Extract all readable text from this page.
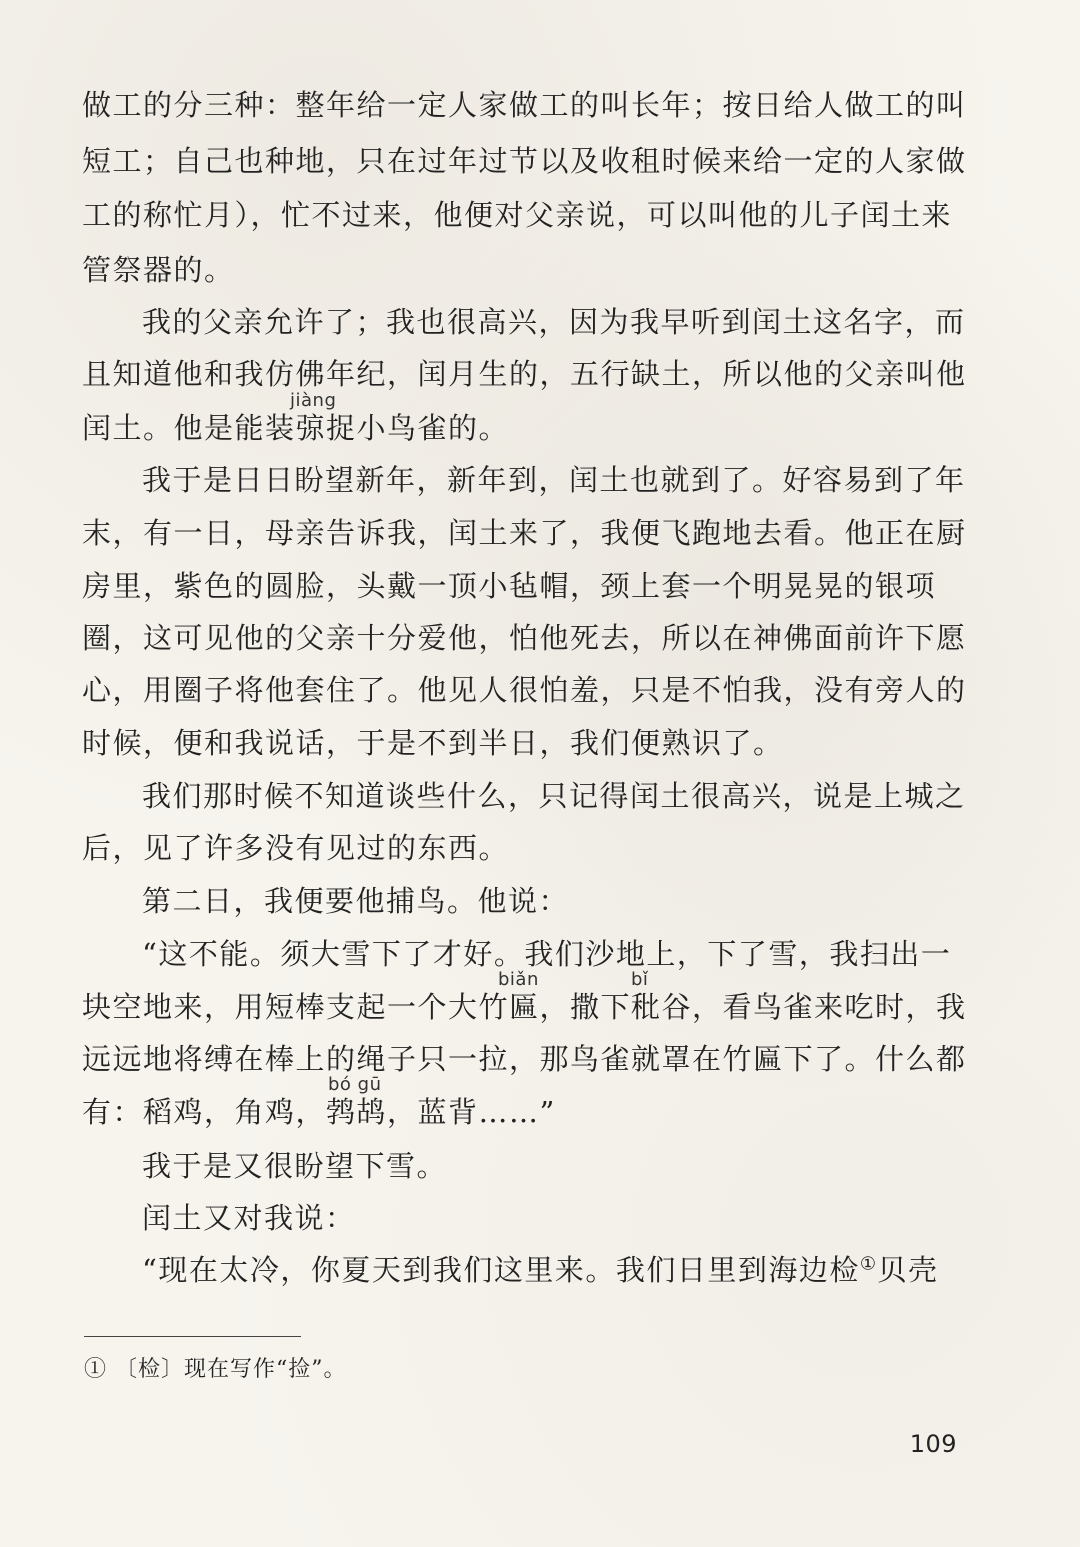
做工的分三种：整年给一定人家做工的叫长年；按日给人做工的叫
短工；自己也种地，只在过年过节以及收租时候来给一定的人家做
工的称忙月），忙不过来，他便对父亲说，可以叫他的儿子闰土来
管祭器的。
我的父亲允许了；我也很高兴，因为我早听到闰土这名字，而
且知道他和我仿佛年纪，闰月生的，五行缺土，所以他的父亲叫他
jiàng
闰土。他是能装弶捉小鸟雀的。
我于是日日盼望新年，新年到，闰土也就到了。好容易到了年
末，有一日，母亲告诉我，闰土来了，我便飞跑地去看。他正在厨
房里，紫色的圆脸，头戴一顶小毡帽，颈上套一个明晃晃的银项
圈，这可见他的父亲十分爱他，怕他死去，所以在神佛面前许下愿
心，用圈子将他套住了。他见人很怕羞，只是不怕我，没有旁人的
时候，便和我说话，于是不到半日，我们便熟识了。
我们那时候不知道谈些什么，只记得闰土很高兴，说是上城之
后，见了许多没有见过的东西。
第二日，我便要他捕鸟。他说：
“这不能。须大雪下了才好。我们沙地上，下了雪，我扫出一
biǎn	bǐ
块空地来，用短棒支起一个大竹匾，撒下秕谷，看鸟雀来吃时，我
远远地将缚在棒上的绳子只一拉，那鸟雀就罩在竹匾下了。什么都
bó gū
有：稻鸡，角鸡，鹁鸪，蓝背……”
我于是又很盼望下雪。
闰土又对我说：
“现在太冷，你夏天到我们这里来。我们日里到海边检①贝壳
① 〔检〕现在写作“捡”。
109
